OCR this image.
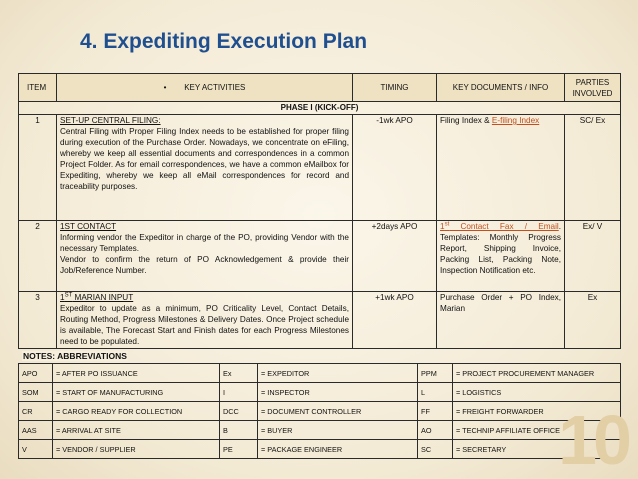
4. Expediting Execution Plan
ITEM	• KEY ACTIVITIES	TIMING	KEY DOCUMENTS / INFO	PARTIES INVOLVED
PHASE I (KICK-OFF)				
1	SET-UP CENTRAL FILING:
Central Filing with Proper Filing Index needs to be established for proper filing during execution of the Purchase Order. Nowadays, we concentrate on eFiling, whereby we keep all essential documents and correspondences in a common Project Folder. As for email correspondences, we have a common eMailbox for Expediting, whereby we keep all eMail correspondences for record and traceability purposes.	-1wk APO	Filing Index & E-filing Index	SC/ Ex
2	1ST CONTACT
Informing vendor the Expeditor in charge of the PO, providing Vendor with the necessary Templates.
Vendor to confirm the return of PO Acknowledgement & provide their Job/Reference Number.	+2days APO	1st Contact Fax / Email. Templates: Monthly Progress Report, Shipping Invoice, Packing List, Packing Note, Inspection Notification etc.	Ex/ V
3	1ST MARIAN INPUT
Expeditor to update as a minimum, PO Criticality Level, Contact Details, Routing Method, Progress Milestones & Delivery Dates. Once Project schedule is available, The Forecast Start and Finish dates for each Progress Milestones need to be populated.	+1wk APO	Purchase Order + PO Index, Marian	Ex
NOTES: ABBREVIATIONS
APO	= AFTER PO ISSUANCE	Ex	= EXPEDITOR	PPM	= PROJECT PROCUREMENT MANAGER
SOM	= START OF MANUFACTURING	I	= INSPECTOR	L	= LOGISTICS
CR	= CARGO READY FOR COLLECTION	DCC	= DOCUMENT CONTROLLER	FF	= FREIGHT FORWARDER
AAS	= ARRIVAL AT SITE	B	= BUYER	AO	= TECHNIP AFFILIATE OFFICE
V	= VENDOR / SUPPLIER	PE	= PACKAGE ENGINEER	SC	= SECRETARY 10
